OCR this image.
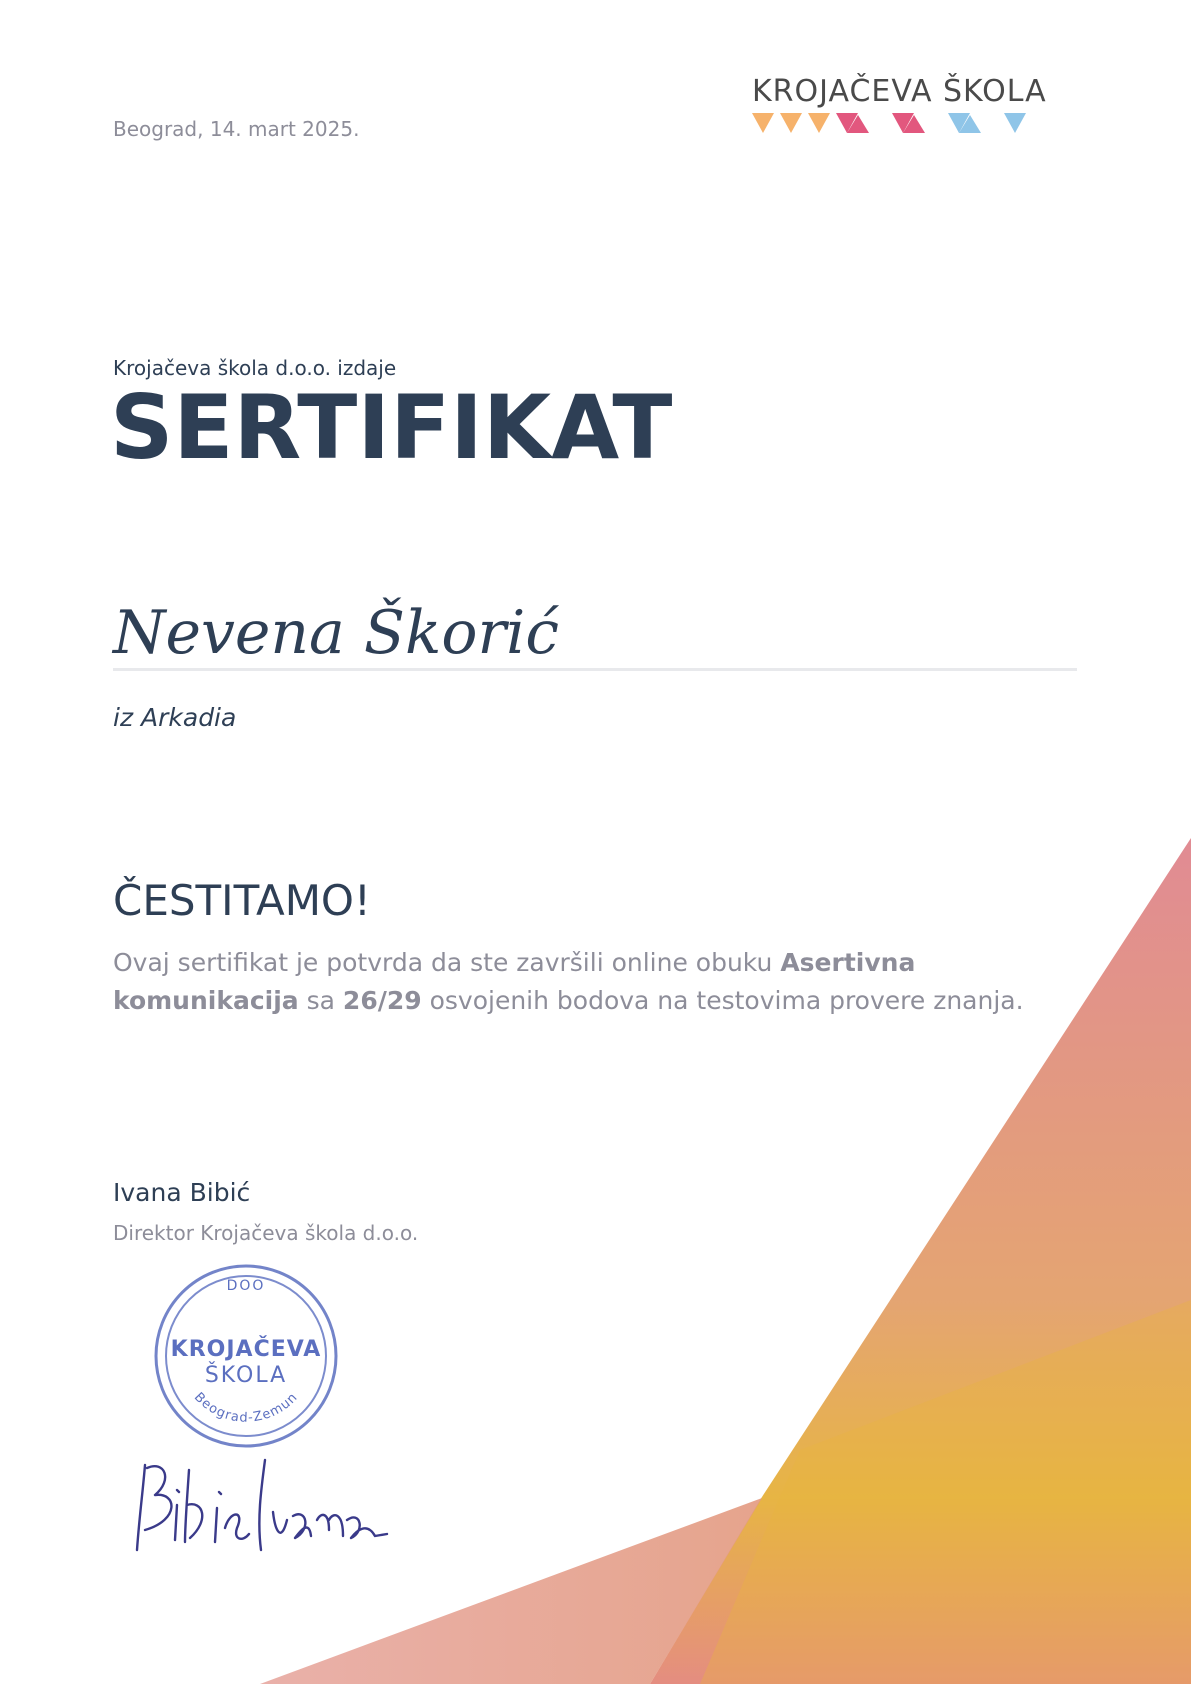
Beograd, 14. mart 2025.
KROJAČEVA ŠKOLA
Krojačeva škola d.o.o. izdaje
SERTIFIKAT
Nevena Škorić
iz Arkadia
ČESTITAMO!
Ovaj sertifikat je potvrda da ste završili online obuku Asertivna komunikacija sa 26/29 osvojenih bodova na testovima provere znanja.
Ivana Bibić
Direktor Krojačeva škola d.o.o.
DOO
KROJAČEVA
ŠKOLA
Beograd-Zemun
